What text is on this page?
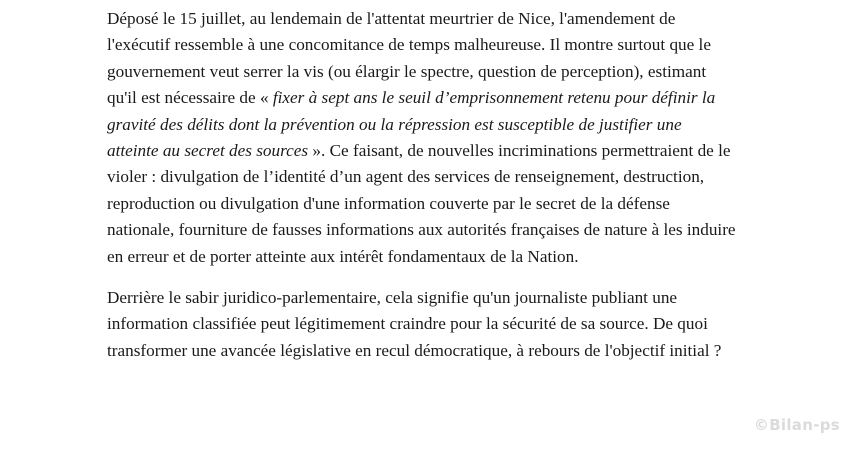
Déposé le 15 juillet, au lendemain de l'attentat meurtrier de Nice, l'amendement de l'exécutif ressemble à une concomitance de temps malheureuse. Il montre surtout que le gouvernement veut serrer la vis (ou élargir le spectre, question de perception), estimant qu'il est nécessaire de « fixer à sept ans le seuil d’emprisonnement retenu pour définir la gravité des délits dont la prévention ou la répression est susceptible de justifier une atteinte au secret des sources ». Ce faisant, de nouvelles incriminations permettraient de le violer : divulgation de l’identité d’un agent des services de renseignement, destruction, reproduction ou divulgation d'une information couverte par le secret de la défense nationale, fourniture de fausses informations aux autorités françaises de nature à les induire en erreur et de porter atteinte aux intérêt fondamentaux de la Nation.

Derrière le sabir juridico-parlementaire, cela signifie qu'un journaliste publiant une information classifiée peut légitimement craindre pour la sécurité de sa source. De quoi transformer une avancée législative en recul démocratique, à rebours de l'objectif initial ?

©Bilan-ps
